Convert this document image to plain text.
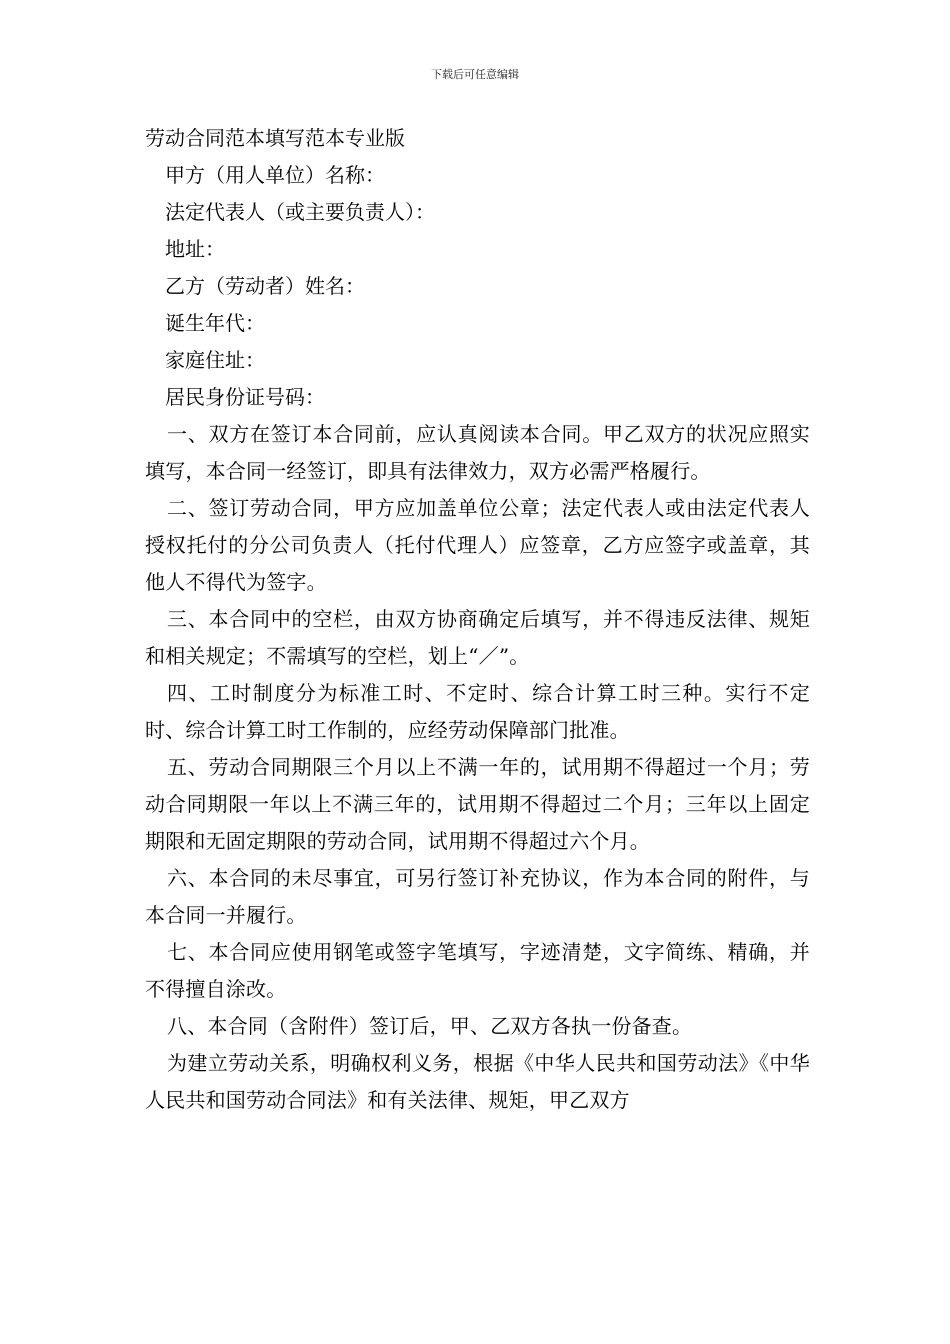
下载后可任意编辑
劳动合同范本填写范本专业版
甲方（用人单位）名称：
法定代表人（或主要负责人）：
地址：
乙方（劳动者）姓名：
诞生年代：
家庭住址：
居民身份证号码：

一、双方在签订本合同前，应认真阅读本合同。甲乙双方的状况应照实填写，本合同一经签订，即具有法律效力，双方必需严格履行。

二、签订劳动合同，甲方应加盖单位公章；法定代表人或由法定代表人授权托付的分公司负责人（托付代理人）应签章，乙方应签字或盖章，其他人不得代为签字。

三、本合同中的空栏，由双方协商确定后填写，并不得违反法律、规矩和相关规定；不需填写的空栏，划上“／”。

四、工时制度分为标准工时、不定时、综合计算工时三种。实行不定时、综合计算工时工作制的，应经劳动保障部门批准。

五、劳动合同期限三个月以上不满一年的，试用期不得超过一个月；劳动合同期限一年以上不满三年的，试用期不得超过二个月；三年以上固定期限和无固定期限的劳动合同，试用期不得超过六个月。

六、本合同的未尽事宜，可另行签订补充协议，作为本合同的附件，与本合同一并履行。

七、本合同应使用钢笔或签字笔填写，字迹清楚，文字简练、精确，并不得擅自涂改。

八、本合同（含附件）签订后，甲、乙双方各执一份备查。

为建立劳动关系，明确权利义务，根据《中华人民共和国劳动法》《中华人民共和国劳动合同法》和有关法律、规矩，甲乙双方
